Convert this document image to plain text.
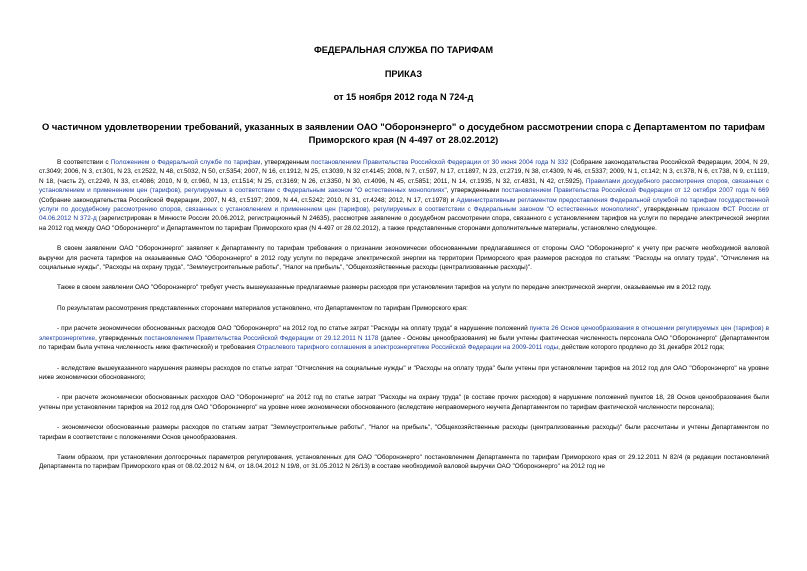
ФЕДЕРАЛЬНАЯ СЛУЖБА ПО ТАРИФАМ
ПРИКАЗ
от 15 ноября 2012 года N 724-д
О частичном удовлетворении требований, указанных в заявлении ОАО "Оборонэнерго" о досудебном рассмотрении спора с Департаментом по тарифам Приморского края (N 4-497 от 28.02.2012)

В соответствии с Положением о Федеральной службе по тарифам, утвержденным постановлением Правительства Российской Федерации от 30 июня 2004 года N 332 (Собрание законодательства Российской Федерации, 2004, N 29, ст.3049; 2006, N 3, ст.301, N 23, ст.2522, N 48, ст.5032, N 50, ст.5354; 2007, N 16, ст.1912, N 25, ст.3039, N 32 ст.4145; 2008, N 7, ст.597, N 17, ст.1897, N 23, ст.2719, N 38, ст.4309, N 46, ст.5337; 2009, N 1, ст.142; N 3, ст.378, N 6, ст.738, N 9, ст.1119, N 18, (часть 2), ст.2249, N 33, ст.4086; 2010, N 9, ст.960, N 13, ст.1514; N 25, ст.3169; N 26, ст.3350, N 30, ст.4096, N 45, ст.5851; 2011, N 14, ст.1935, N 32, ст.4831, N 42, ст.5925), Правилами досудебного рассмотрения споров, связанных с установлением и применением цен (тарифов), регулируемых в соответствии с Федеральным законом "О естественных монополиях", утвержденными постановлением Правительства Российской Федерации от 12 октября 2007 года N 669 (Собрание законодательства Российской Федерации, 2007, N 43, ст.5197; 2009, N 44, ст.5242; 2010, N 31, ст.4248; 2012, N 17, ст.1978) и Административным регламентом предоставления Федеральной службой по тарифам государственной услуги по досудебному рассмотрению споров, связанных с установлением и применением цен (тарифов), регулируемых в соответствии с Федеральным законом "О естественных монополиях", утвержденным приказом ФСТ России от 04.06.2012 N 372-д (зарегистрирован в Минюсте России 20.06.2012, регистрационный N 24635), рассмотрев заявление о досудебном рассмотрении спора, связанного с установлением тарифов на услуги по передаче электрической энергии на 2012 год между ОАО "Оборонэнерго" и Департаментом по тарифам Приморского края (N 4-497 от 28.02.2012), а также представленные сторонами дополнительные материалы, установлено следующее.

В своем заявлении ОАО "Оборонэнерго" заявляет к Департаменту по тарифам требования о признании экономически обоснованными предлагавшиеся от стороны ОАО "Оборонэнерго" к учету при расчете необходимой валовой выручки для расчета тарифов на оказываемые ОАО "Оборонэнерго" в 2012 году услуги по передаче электрической энергии на территории Приморского края размеров расходов по статьям: "Расходы на оплату труда", "Отчисления на социальные нужды", "Расходы на охрану труда", "Землеустроительные работы", "Налог на прибыль", "Общехозяйственные расходы (централизованные расходы)".

Также в своем заявлении ОАО "Оборонэнерго" требует учесть вышеуказанные предлагаемые размеры расходов при установлении тарифов на услуги по передаче электрической энергии, оказываемые им в 2012 году.

По результатам рассмотрения представленных сторонами материалов установлено, что Департаментом по тарифам Приморского края:

- при расчете экономически обоснованных расходов ОАО "Оборонэнерго" на 2012 год по статье затрат "Расходы на оплату труда" в нарушение положений пункта 26 Основ ценообразования в отношении регулируемых цен (тарифов) в электроэнергетике, утвержденных постановлением Правительства Российской Федерации от 29.12.2011 N 1178 (далее - Основы ценообразования) не были учтены фактическая численность персонала ОАО "Оборонэнерго" (Департаментом по тарифам была учтена численность ниже фактической) и требования Отраслевого тарифного соглашения в электроэнергетике Российской Федерации на 2009-2011 годы, действие которого продлено до 31 декабря 2012 года;

- вследствие вышеуказанного нарушения размеры расходов по статье затрат "Отчисления на социальные нужды" и "Расходы на оплату труда" были учтены при установлении тарифов на 2012 год для ОАО "Оборонэнерго" на уровне ниже экономически обоснованного;

- при расчете экономически обоснованных расходов ОАО "Оборонэнерго" на 2012 год по статье затрат "Расходы на охрану труда" (в составе прочих расходов) в нарушение положений пунктов 18, 28 Основ ценообразования были учтены при установлении тарифов на 2012 год для ОАО "Оборонэнерго" на уровне ниже экономически обоснованного (вследствие неправомерного неучета Департаментом по тарифам фактической численности персонала);

- экономически обоснованные размеры расходов по статьям затрат "Землеустроительные работы", "Налог на прибыль", "Общехозяйственные расходы (централизованные расходы)" были рассчитаны и учтены Департаментом по тарифам в соответствии с положениями Основ ценообразования.

Таким образом, при установлении долгосрочных параметров регулирования, установленных для ОАО "Оборонэнерго" постановлением Департамента по тарифам Приморского края от 29.12.2011 N 82/4 (в редакции постановлений Департамента по тарифам Приморского края от 08.02.2012 N 6/4, от 18.04.2012 N 19/8, от 31.05.2012 N 26/13) в составе необходимой валовой выручки ОАО "Оборонэнерго" на 2012 год не
